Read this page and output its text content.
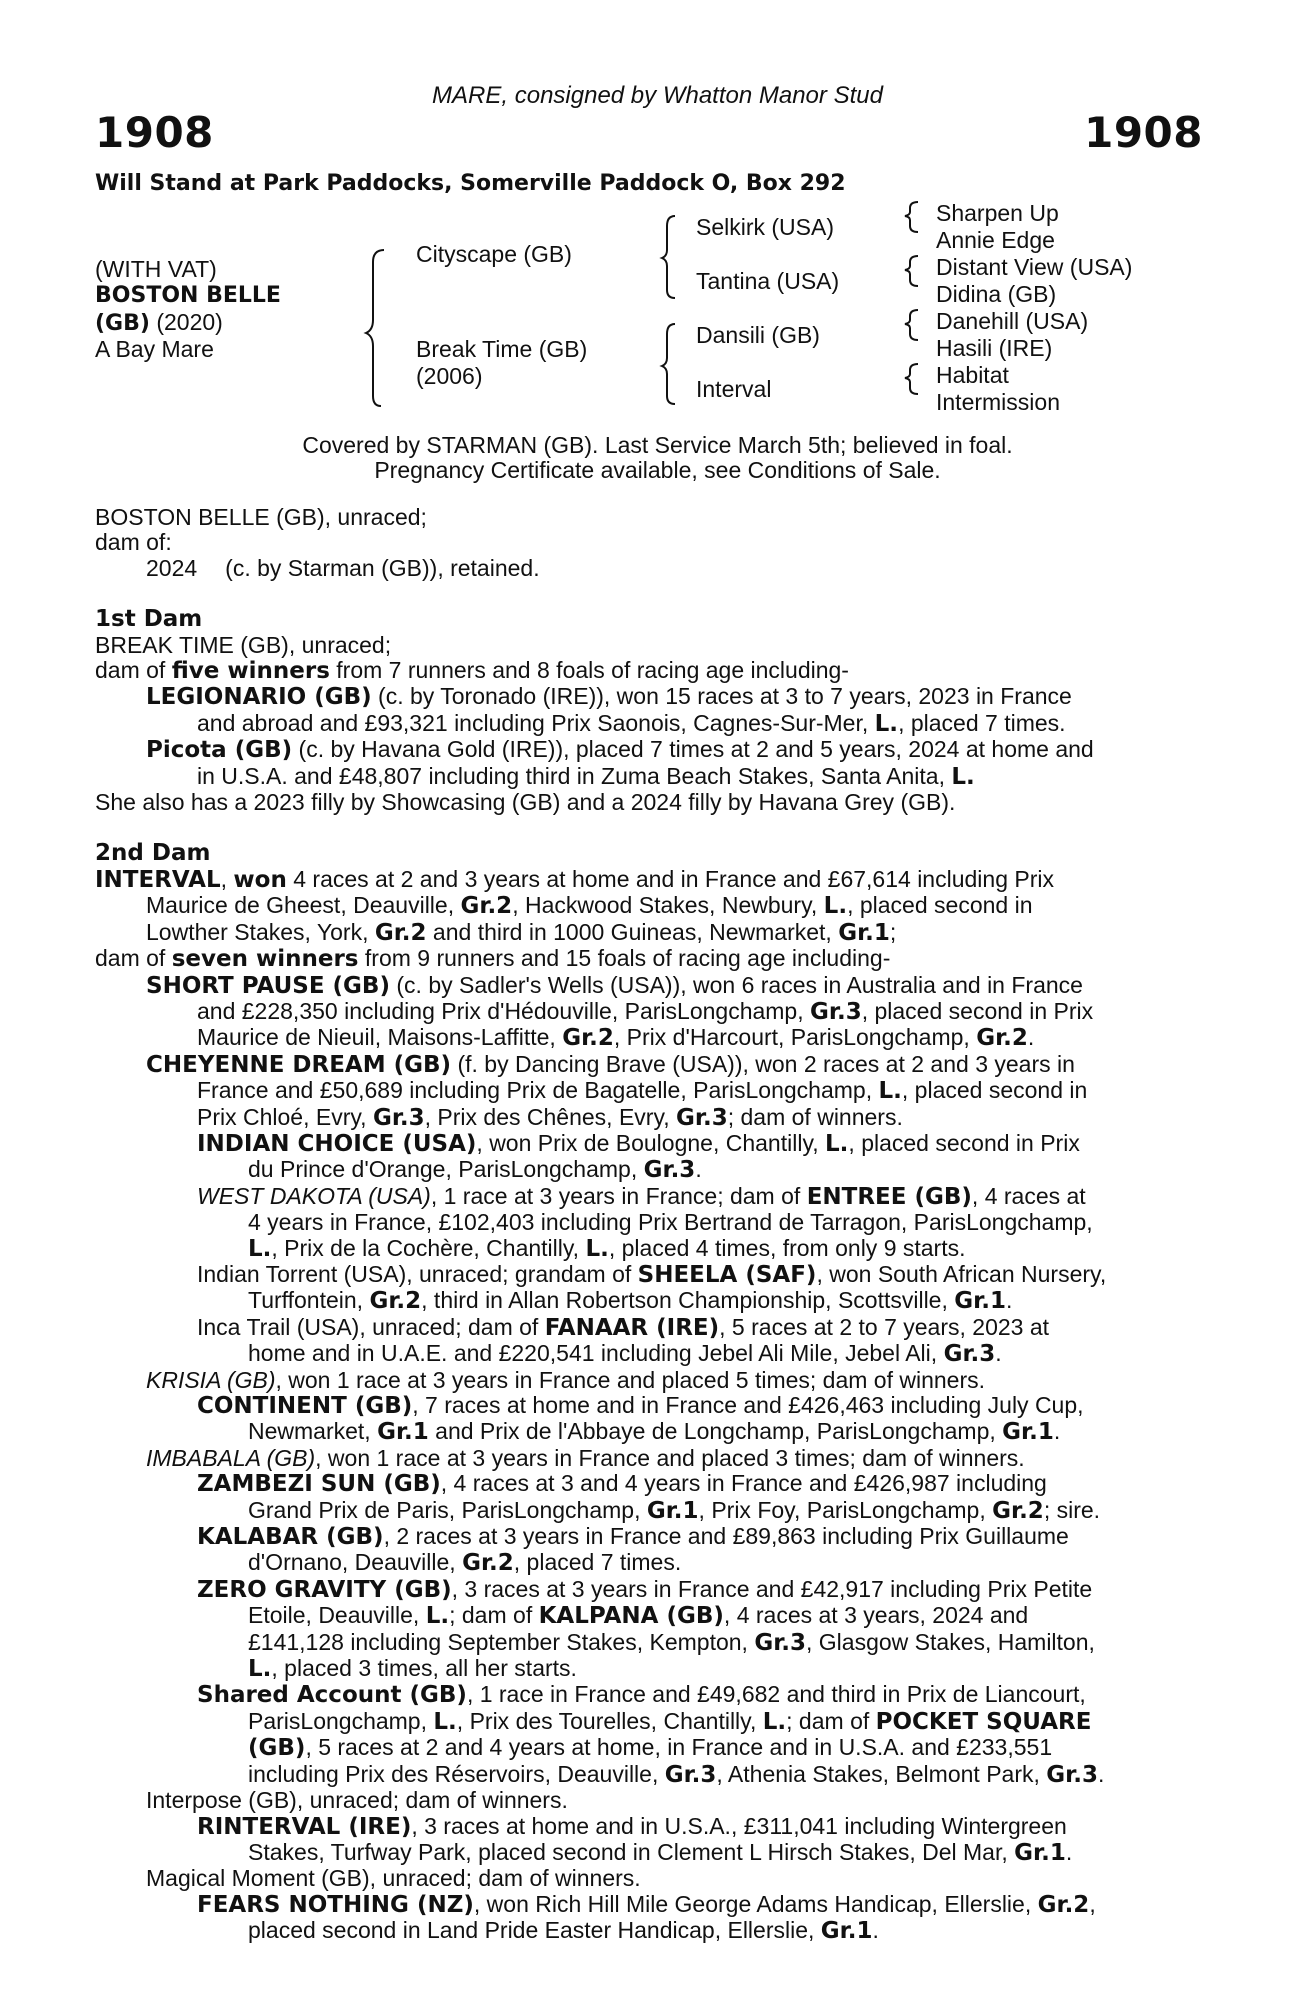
MARE, consigned by Whatton Manor Stud
1908	1908
Will Stand at Park Paddocks, Somerville Paddock O, Box 292
(WITH VAT)
BOSTON BELLE
(GB) (2020)
A Bay Mare
Cityscape (GB)
Break Time (GB)
(2006)
Selkirk (USA)
Tantina (USA)
Dansili (GB)
Interval
Sharpen Up
Annie Edge
Distant View (USA)
Didina (GB)
Danehill (USA)
Hasili (IRE)
Habitat
Intermission
Covered by STARMAN (GB). Last Service March 5th; believed in foal.
Pregnancy Certificate available, see Conditions of Sale.
BOSTON BELLE (GB), unraced;
dam of:
2024 (c. by Starman (GB)), retained.
1st Dam
BREAK TIME (GB), unraced;
dam of five winners from 7 runners and 8 foals of racing age including-
LEGIONARIO (GB) (c. by Toronado (IRE)), won 15 races at 3 to 7 years, 2023 in France
and abroad and £93,321 including Prix Saonois, Cagnes-Sur-Mer, L., placed 7 times.
Picota (GB) (c. by Havana Gold (IRE)), placed 7 times at 2 and 5 years, 2024 at home and
in U.S.A. and £48,807 including third in Zuma Beach Stakes, Santa Anita, L.
She also has a 2023 filly by Showcasing (GB) and a 2024 filly by Havana Grey (GB).
2nd Dam
INTERVAL, won 4 races at 2 and 3 years at home and in France and £67,614 including Prix
Maurice de Gheest, Deauville, Gr.2, Hackwood Stakes, Newbury, L., placed second in
Lowther Stakes, York, Gr.2 and third in 1000 Guineas, Newmarket, Gr.1;
dam of seven winners from 9 runners and 15 foals of racing age including-
SHORT PAUSE (GB) (c. by Sadler's Wells (USA)), won 6 races in Australia and in France
and £228,350 including Prix d'Hédouville, ParisLongchamp, Gr.3, placed second in Prix
Maurice de Nieuil, Maisons-Laffitte, Gr.2, Prix d'Harcourt, ParisLongchamp, Gr.2.
CHEYENNE DREAM (GB) (f. by Dancing Brave (USA)), won 2 races at 2 and 3 years in
France and £50,689 including Prix de Bagatelle, ParisLongchamp, L., placed second in
Prix Chloé, Evry, Gr.3, Prix des Chênes, Evry, Gr.3; dam of winners.
INDIAN CHOICE (USA), won Prix de Boulogne, Chantilly, L., placed second in Prix
du Prince d'Orange, ParisLongchamp, Gr.3.
WEST DAKOTA (USA), 1 race at 3 years in France; dam of ENTREE (GB), 4 races at
4 years in France, £102,403 including Prix Bertrand de Tarragon, ParisLongchamp,
L., Prix de la Cochère, Chantilly, L., placed 4 times, from only 9 starts.
Indian Torrent (USA), unraced; grandam of SHEELA (SAF), won South African Nursery,
Turffontein, Gr.2, third in Allan Robertson Championship, Scottsville, Gr.1.
Inca Trail (USA), unraced; dam of FANAAR (IRE), 5 races at 2 to 7 years, 2023 at
home and in U.A.E. and £220,541 including Jebel Ali Mile, Jebel Ali, Gr.3.
KRISIA (GB), won 1 race at 3 years in France and placed 5 times; dam of winners.
CONTINENT (GB), 7 races at home and in France and £426,463 including July Cup,
Newmarket, Gr.1 and Prix de l'Abbaye de Longchamp, ParisLongchamp, Gr.1.
IMBABALA (GB), won 1 race at 3 years in France and placed 3 times; dam of winners.
ZAMBEZI SUN (GB), 4 races at 3 and 4 years in France and £426,987 including
Grand Prix de Paris, ParisLongchamp, Gr.1, Prix Foy, ParisLongchamp, Gr.2; sire.
KALABAR (GB), 2 races at 3 years in France and £89,863 including Prix Guillaume
d'Ornano, Deauville, Gr.2, placed 7 times.
ZERO GRAVITY (GB), 3 races at 3 years in France and £42,917 including Prix Petite
Etoile, Deauville, L.; dam of KALPANA (GB), 4 races at 3 years, 2024 and
£141,128 including September Stakes, Kempton, Gr.3, Glasgow Stakes, Hamilton,
L., placed 3 times, all her starts.
Shared Account (GB), 1 race in France and £49,682 and third in Prix de Liancourt,
ParisLongchamp, L., Prix des Tourelles, Chantilly, L.; dam of POCKET SQUARE
(GB), 5 races at 2 and 4 years at home, in France and in U.S.A. and £233,551
including Prix des Réservoirs, Deauville, Gr.3, Athenia Stakes, Belmont Park, Gr.3.
Interpose (GB), unraced; dam of winners.
RINTERVAL (IRE), 3 races at home and in U.S.A., £311,041 including Wintergreen
Stakes, Turfway Park, placed second in Clement L Hirsch Stakes, Del Mar, Gr.1.
Magical Moment (GB), unraced; dam of winners.
FEARS NOTHING (NZ), won Rich Hill Mile George Adams Handicap, Ellerslie, Gr.2,
placed second in Land Pride Easter Handicap, Ellerslie, Gr.1.
